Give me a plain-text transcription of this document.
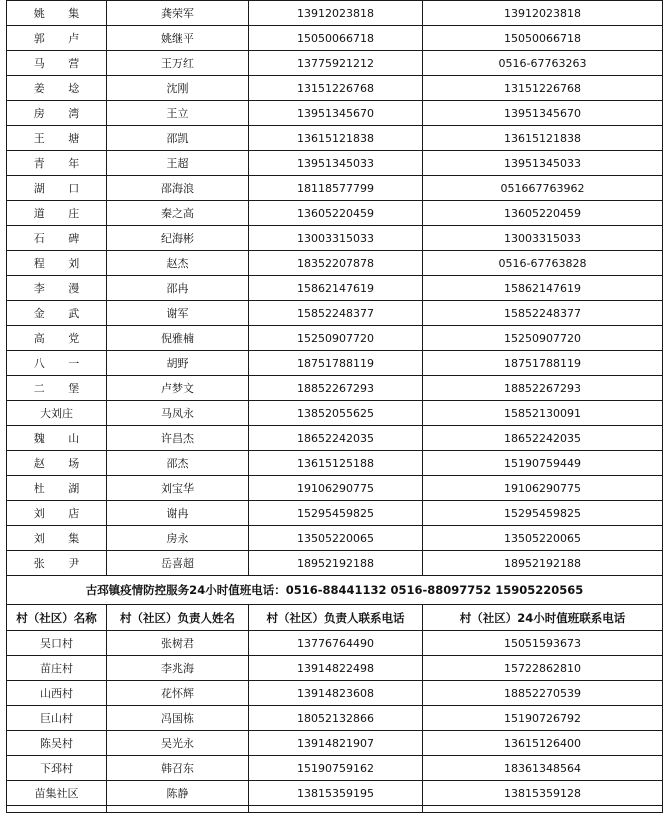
姚 集	龚荣军	13912023818	13912023818
郭 卢	姚继平	15050066718	15050066718
马 营	王万红	13775921212	0516-67763263
姜 埝	沈刚	13151226768	13151226768
房 湾	王立	13951345670	13951345670
王 塘	邵凯	13615121838	13615121838
青 年	王超	13951345033	13951345033
湖 口	邵海浪	18118577799	051667763962
道 庄	秦之高	13605220459	13605220459
石 碑	纪海彬	13003315033	13003315033
程 刘	赵杰	18352207878	0516-67763828
李 漫	邵冉	15862147619	15862147619
金 武	谢军	15852248377	15852248377
高 党	倪雅楠	15250907720	15250907720
八 一	胡野	18751788119	18751788119
二 堡	卢梦文	18852267293	18852267293
大刘庄	马凤永	13852055625	15852130091
魏 山	许昌杰	18652242035	18652242035
赵 场	邵杰	13615125188	15190759449
杜 湖	刘宝华	19106290775	19106290775
刘 店	谢冉	15295459825	15295459825
刘 集	房永	13505220065	13505220065
张 尹	岳喜超	18952192188	18952192188
古邳镇疫情防控服务24小时值班电话：0516-88441132 0516-88097752 15905220565			
村（社区）名称	村（社区）负责人姓名	村（社区）负责人联系电话	村（社区）24小时值班联系电话
吴口村	张树君	13776764490	15051593673
苗庄村	李兆海	13914822498	15722862810
山西村	花怀辉	13914823608	18852270539
巨山村	冯国栋	18052132866	15190726792
陈吴村	吴光永	13914821907	13615126400
下邳村	韩召东	15190759162	18361348564
苗集社区	陈静	13815359195	13815359128
